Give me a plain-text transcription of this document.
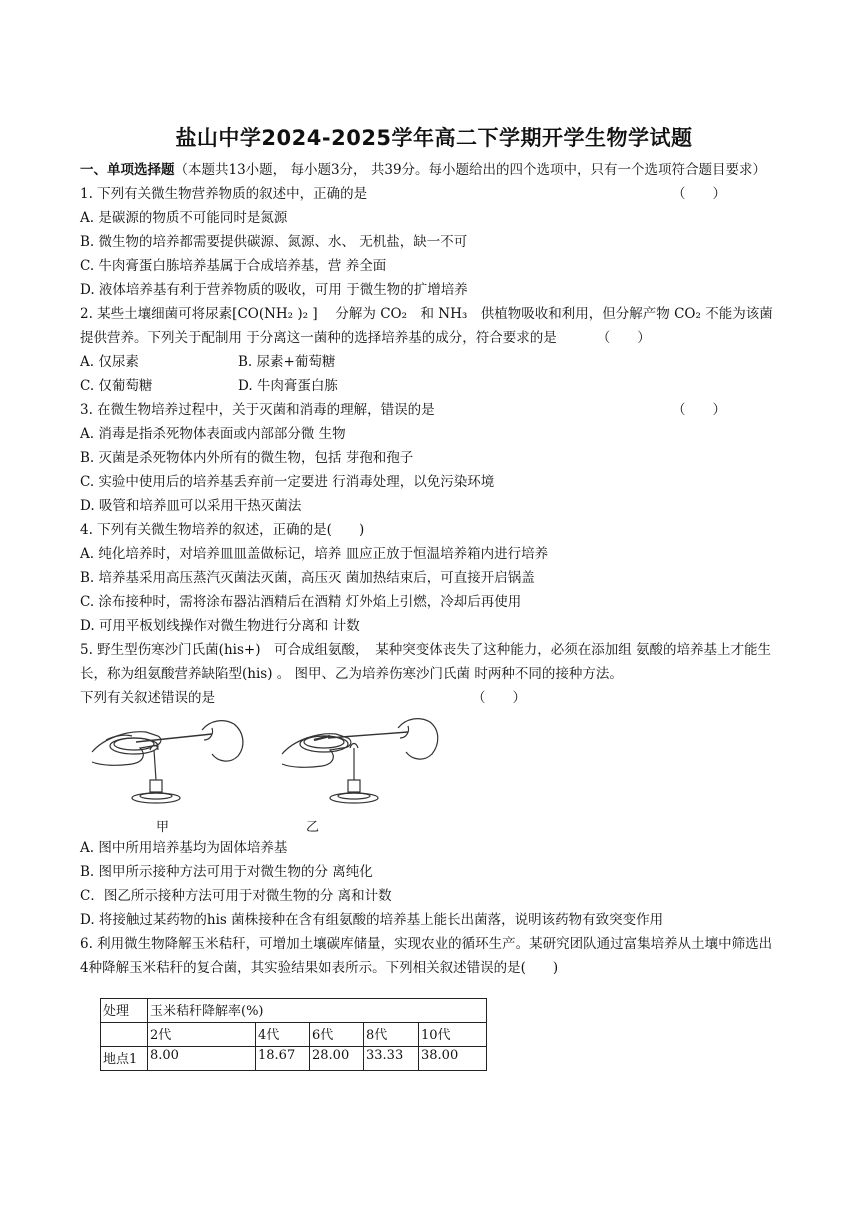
盐山中学2024-2025学年高二下学期开学生物学试题
一、单项选择题（本题共13小题， 每小题3分， 共39分。每小题给出的四个选项中，只有一个选项符合题目要求）
1. 下列有关微生物营养物质的叙述中，正确的是	（　　）
A. 是碳源的物质不可能同时是氮源
B. 微生物的培养都需要提供碳源、氮源、水、 无机盐，缺一不可
C. 牛肉膏蛋白胨培养基属于合成培养基，营 养全面
D. 液体培养基有利于营养物质的吸收，可用 于微生物的扩增培养
2. 某些土壤细菌可将尿素[CO(NH₂ )₂ ]　 分解为 CO₂　和 NH₃　供植物吸收和利用，但分解产物 CO₂ 不能为该菌提供营养。下列关于配制用 于分离这一菌种的选择培养基的成分，符合要求的是	（　　）
A. 仅尿素	B. 尿素+葡萄糖
C. 仅葡萄糖	D. 牛肉膏蛋白胨
3. 在微生物培养过程中，关于灭菌和消毒的理解，错误的是	（　　）
A. 消毒是指杀死物体表面或内部部分微 生物
B. 灭菌是杀死物体内外所有的微生物，包括 芽孢和孢子
C. 实验中使用后的培养基丢弃前一定要进 行消毒处理，以免污染环境
D. 吸管和培养皿可以采用干热灭菌法
4. 下列有关微生物培养的叙述，正确的是(　　)
A. 纯化培养时，对培养皿皿盖做标记，培养 皿应正放于恒温培养箱内进行培养
B. 培养基采用高压蒸汽灭菌法灭菌，高压灭 菌加热结束后，可直接开启锅盖
C. 涂布接种时，需将涂布器沾酒精后在酒精 灯外焰上引燃，冷却后再使用
D. 可用平板划线操作对微生物进行分离和 计数
5. 野生型伤寒沙门氏菌(his+)　可合成组氨酸，　某种突变体丧失了这种能力，必须在添加组 氨酸的培养基上才能生长，称为组氨酸营养缺陷型(his) 。 图甲、乙为培养伤寒沙门氏菌 时两种不同的接种方法。
下列有关叙述错误的是	（　　）
甲	乙
A. 图中所用培养基均为固体培养基
B. 图甲所示接种方法可用于对微生物的分 离纯化
C．图乙所示接种方法可用于对微生物的分 离和计数
D. 将接触过某药物的his 菌株接种在含有组氨酸的培养基上能长出菌落，说明该药物有致突变作用
6. 利用微生物降解玉米秸秆，可增加土壤碳库储量，实现农业的循环生产。某研究团队通过富集培养从土壤中筛选出4种降解玉米秸秆的复合菌，其实验结果如表所示。下列相关叙述错误的是(　　)
处理	玉米秸秆降解率(%)				
	2代	4代	6代	8代	10代
地点1	8.00	18.67	28.00	33.33	38.00
